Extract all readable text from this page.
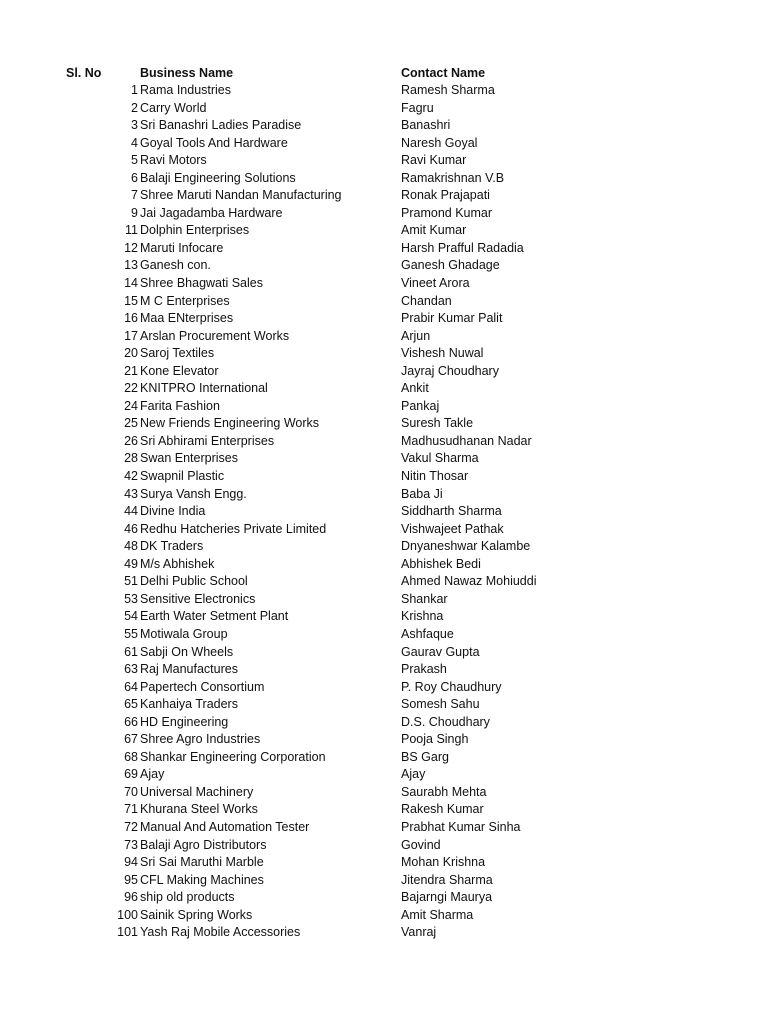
Sl. No	Business Name	Contact Name
1 Rama Industries	Ramesh Sharma
2 Carry World	Fagru
3 Sri Banashri Ladies Paradise	Banashri
4 Goyal Tools And Hardware	Naresh Goyal
5 Ravi Motors	Ravi Kumar
6 Balaji Engineering Solutions	Ramakrishnan V.B
7 Shree Maruti Nandan Manufacturing	Ronak Prajapati
9 Jai Jagadamba Hardware	Pramond Kumar
11 Dolphin Enterprises	Amit Kumar
12 Maruti Infocare	Harsh Prafful Radadia
13 Ganesh con.	Ganesh Ghadage
14 Shree Bhagwati Sales	Vineet Arora
15 M C Enterprises	Chandan
16 Maa ENterprises	Prabir Kumar Palit
17 Arslan Procurement Works	Arjun
20 Saroj Textiles	Vishesh Nuwal
21 Kone Elevator	Jayraj Choudhary
22 KNITPRO International	Ankit
24 Farita Fashion	Pankaj
25 New Friends Engineering Works	Suresh Takle
26 Sri Abhirami Enterprises	Madhusudhanan Nadar
28 Swan Enterprises	Vakul Sharma
42 Swapnil Plastic	Nitin Thosar
43 Surya Vansh Engg.	Baba Ji
44 Divine India	Siddharth Sharma
46 Redhu Hatcheries Private Limited	Vishwajeet Pathak
48 DK Traders	Dnyaneshwar Kalambe
49 M/s Abhishek	Abhishek Bedi
51 Delhi Public School	Ahmed Nawaz Mohiuddi
53 Sensitive Electronics	Shankar
54 Earth Water Setment Plant	Krishna
55 Motiwala Group	Ashfaque
61 Sabji On Wheels	Gaurav Gupta
63 Raj Manufactures	Prakash
64 Papertech Consortium	P. Roy Chaudhury
65 Kanhaiya Traders	Somesh Sahu
66 HD Engineering	D.S. Choudhary
67 Shree Agro Industries	Pooja Singh
68 Shankar Engineering Corporation	BS Garg
69 Ajay	Ajay
70 Universal Machinery	Saurabh Mehta
71 Khurana Steel Works	Rakesh Kumar
72 Manual And Automation Tester	Prabhat Kumar Sinha
73 Balaji Agro Distributors	Govind
94 Sri Sai Maruthi Marble	Mohan Krishna
95 CFL Making Machines	Jitendra Sharma
96 ship old products	Bajarngi Maurya
100 Sainik Spring Works	Amit Sharma
101 Yash Raj Mobile Accessories	Vanraj
